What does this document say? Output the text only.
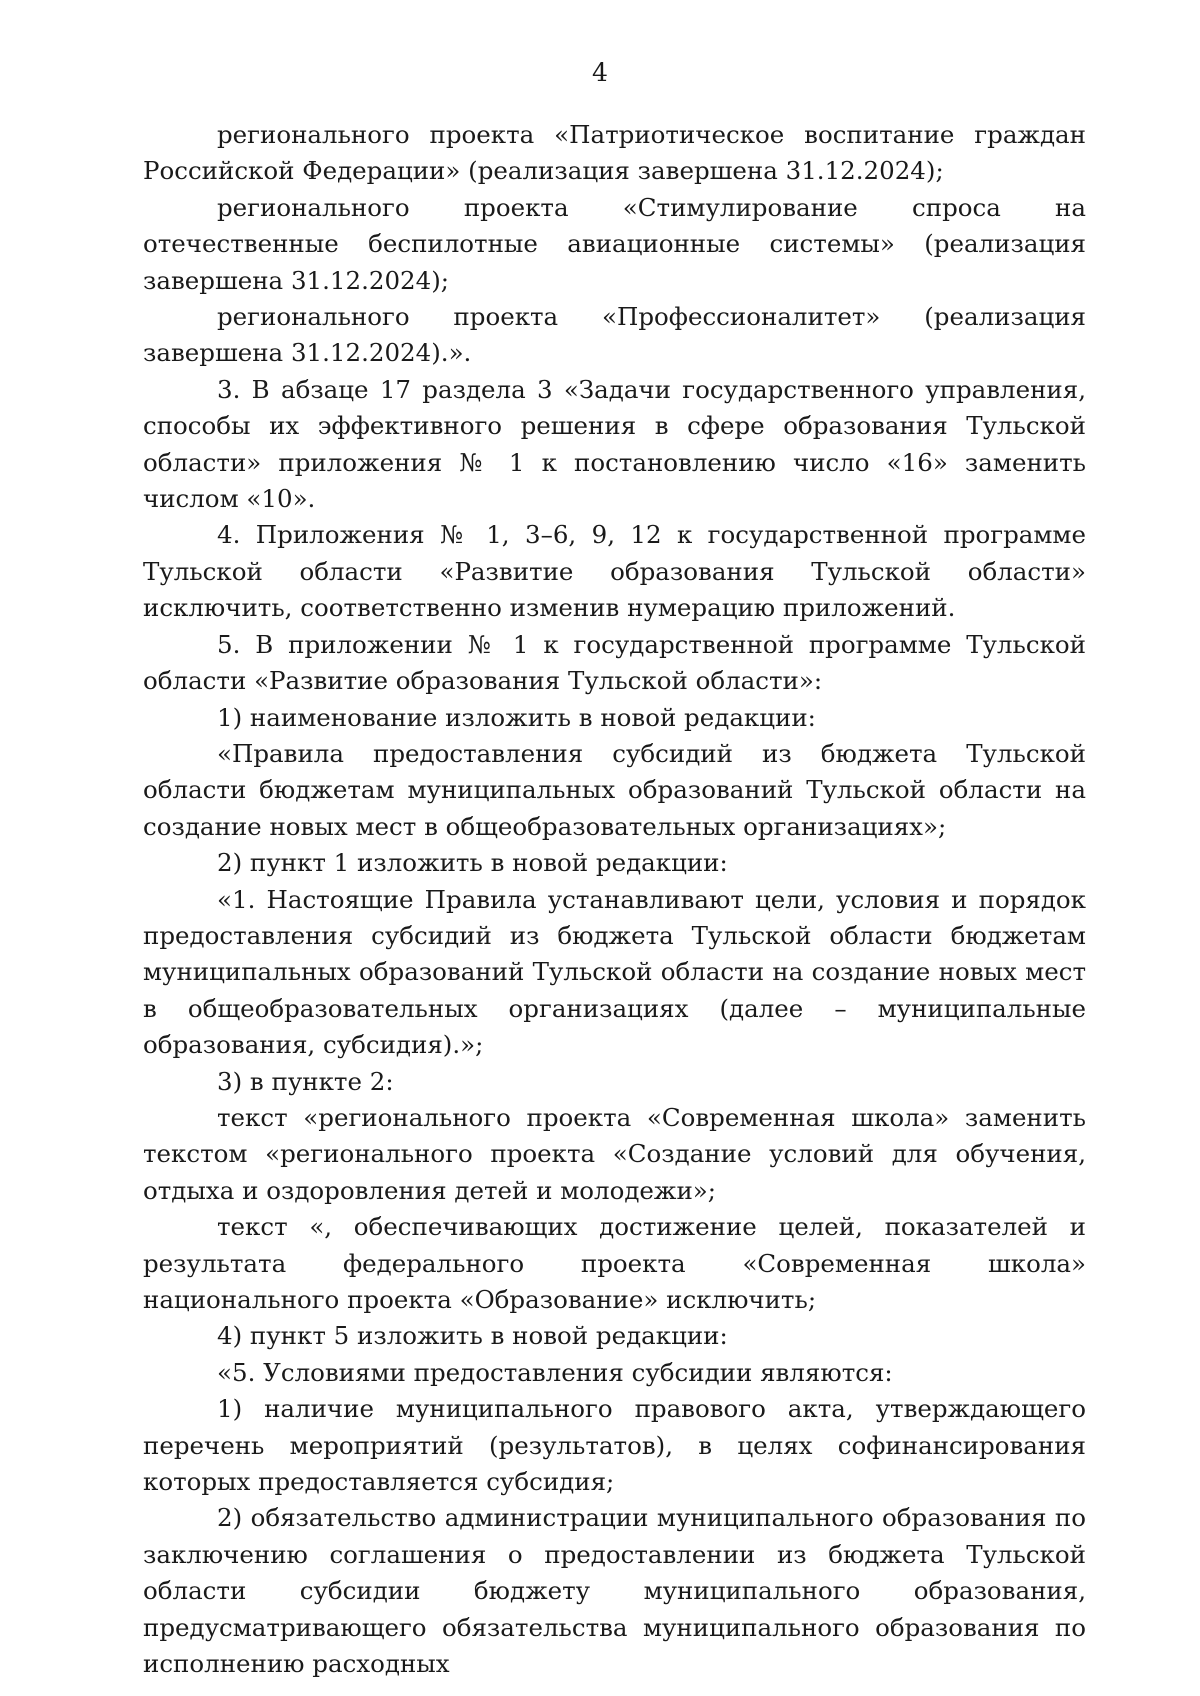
4

регионального проекта «Патриотическое воспитание граждан Российской Федерации» (реализация завершена 31.12.2024);

регионального проекта «Стимулирование спроса на отечественные беспилотные авиационные системы» (реализация завершена 31.12.2024);

регионального проекта «Профессионалитет» (реализация завершена 31.12.2024).».

3. В абзаце 17 раздела 3 «Задачи государственного управления, способы их эффективного решения в сфере образования Тульской области» приложения № 1 к постановлению число «16» заменить числом «10».

4. Приложения № 1, 3–6, 9, 12 к государственной программе Тульской области «Развитие образования Тульской области» исключить, соответственно изменив нумерацию приложений.

5. В приложении № 1 к государственной программе Тульской области «Развитие образования Тульской области»:

1) наименование изложить в новой редакции:

«Правила предоставления субсидий из бюджета Тульской области бюджетам муниципальных образований Тульской области на создание новых мест в общеобразовательных организациях»;

2) пункт 1 изложить в новой редакции:

«1. Настоящие Правила устанавливают цели, условия и порядок предоставления субсидий из бюджета Тульской области бюджетам муниципальных образований Тульской области на создание новых мест в общеобразовательных организациях (далее – муниципальные образования, субсидия).»;

3) в пункте 2:

текст «регионального проекта «Современная школа» заменить текстом «регионального проекта «Создание условий для обучения, отдыха и оздоровления детей и молодежи»;

текст «, обеспечивающих достижение целей, показателей и результата федерального проекта «Современная школа» национального проекта «Образование» исключить;

4) пункт 5 изложить в новой редакции:

«5. Условиями предоставления субсидии являются:

1) наличие муниципального правового акта, утверждающего перечень мероприятий (результатов), в целях софинансирования которых предоставляется субсидия;

2) обязательство администрации муниципального образования по заключению соглашения о предоставлении из бюджета Тульской области субсидии бюджету муниципального образования, предусматривающего обязательства муниципального образования по исполнению расходных
